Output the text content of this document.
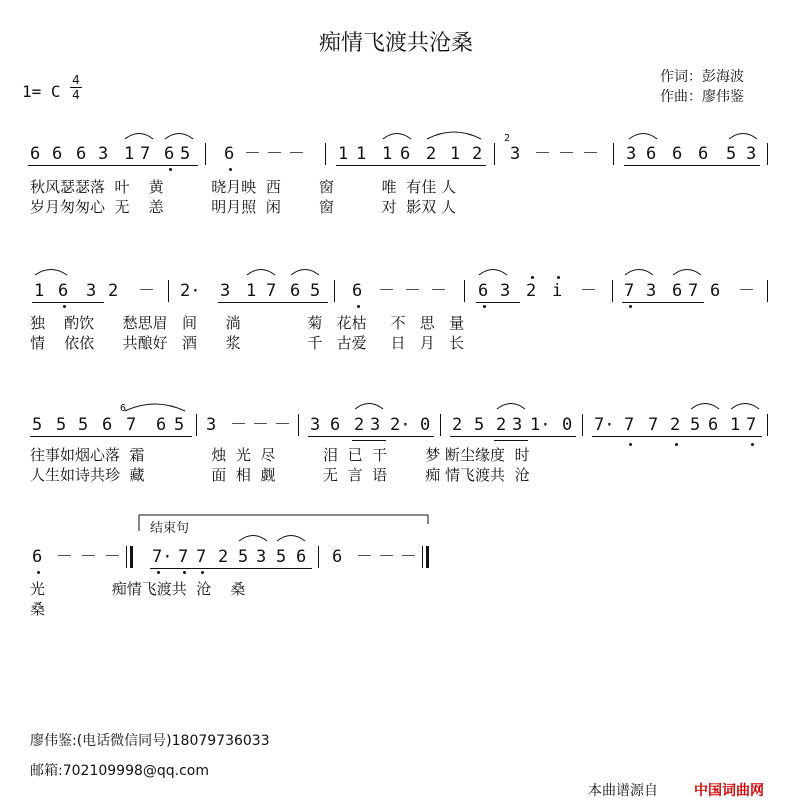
痴情飞渡共沧桑
1= C
4
4
作词：彭海波
作曲：廖伟鉴
6 6 6 3 1 7 6 5 6 － － － 1 1 1 6 2 1 2
2
3 － － － 3 6 6 6 5 3
秋风瑟瑟落  叶    黄          晓月映  西        窗          唯  有佳 人
岁月匆匆心  无    恙          明月照  闲        窗          对  影双 人
1 6 3 2 － 2· 3 1 7 6 5 6 － － － 6 3 2 i － 7 3 6 7 6 －
独    酌饮      愁思眉   间      淌              菊   花枯     不   思   量
情    依依      共酿好   酒      浆              千   古爱     日   月   长
5 5 5 6
6
7 6 5 3 － － － 3 6 2 3 2· 0 2 5 2 3 1· 0 7· 7 7 2 5 6 1 7
往事如烟心落  霜              烛  光  尽          泪  已  干        梦 断尘缘度  时
人生如诗共珍  藏              面  相  觑          无  言  语        痴 情飞渡共  沧
结束句
6 － － － 7· 7 7 2 5 3 5 6 6 － － －
光              痴情飞渡共  沧    桑
桑
廖伟鉴:(电话微信同号)18079736033
邮箱:702109998@qq.com
本曲谱源自	中国词曲网
